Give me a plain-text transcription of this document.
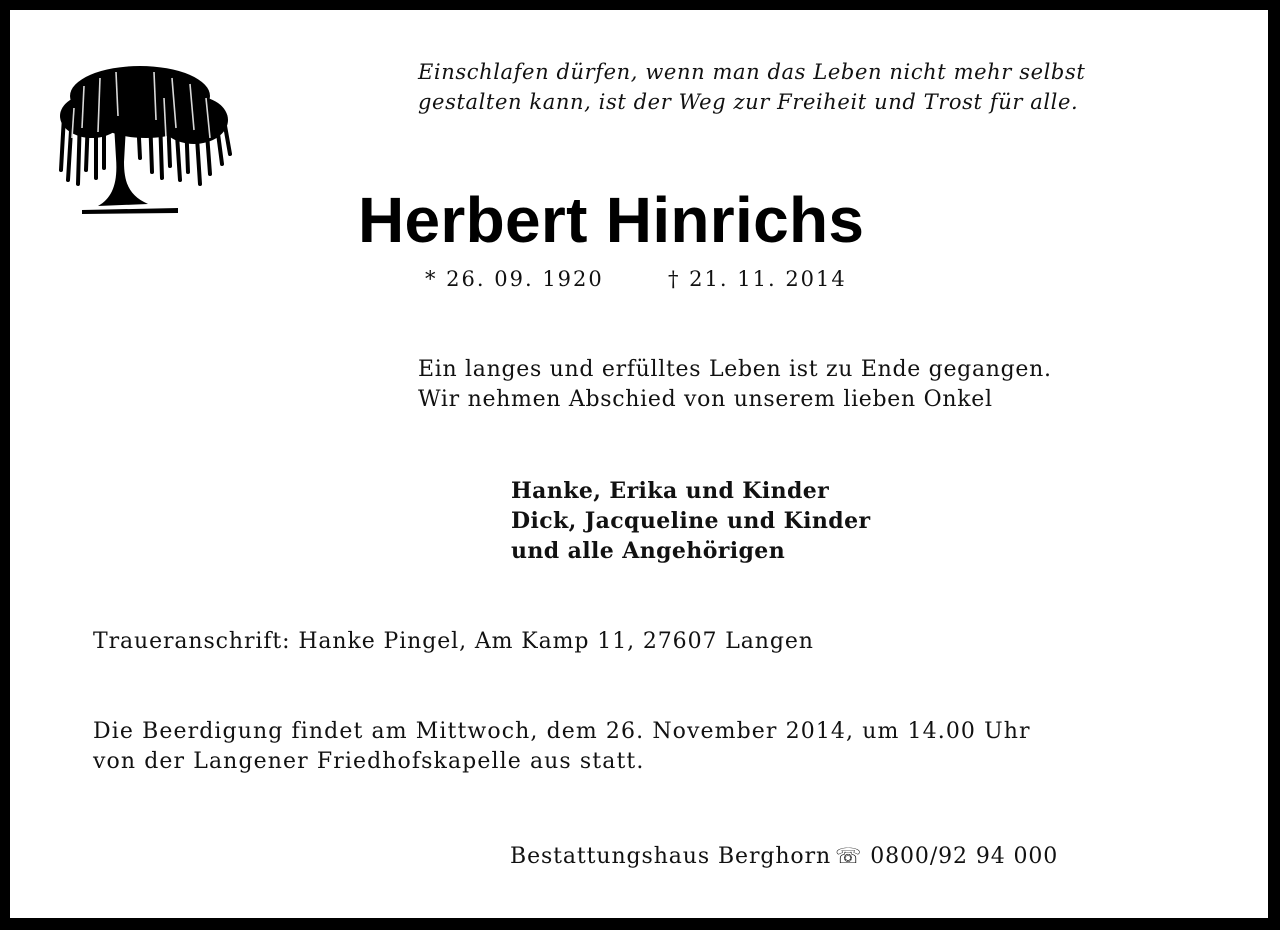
Einschlafen dürfen, wenn man das Leben nicht mehr selbst
gestalten kann, ist der Weg zur Freiheit und Trost für alle.
Herbert Hinrichs
* 26. 09. 1920	† 21. 11. 2014
Ein langes und erfülltes Leben ist zu Ende gegangen.
Wir nehmen Abschied von unserem lieben Onkel
Hanke, Erika und Kinder
Dick, Jacqueline und Kinder
und alle Angehörigen
Traueranschrift: Hanke Pingel, Am Kamp 11, 27607 Langen
Die Beerdigung findet am Mittwoch, dem 26. November 2014, um 14.00 Uhr
von der Langener Friedhofskapelle aus statt.
Bestattungshaus Berghorn ☏ 0800/92 94 000
